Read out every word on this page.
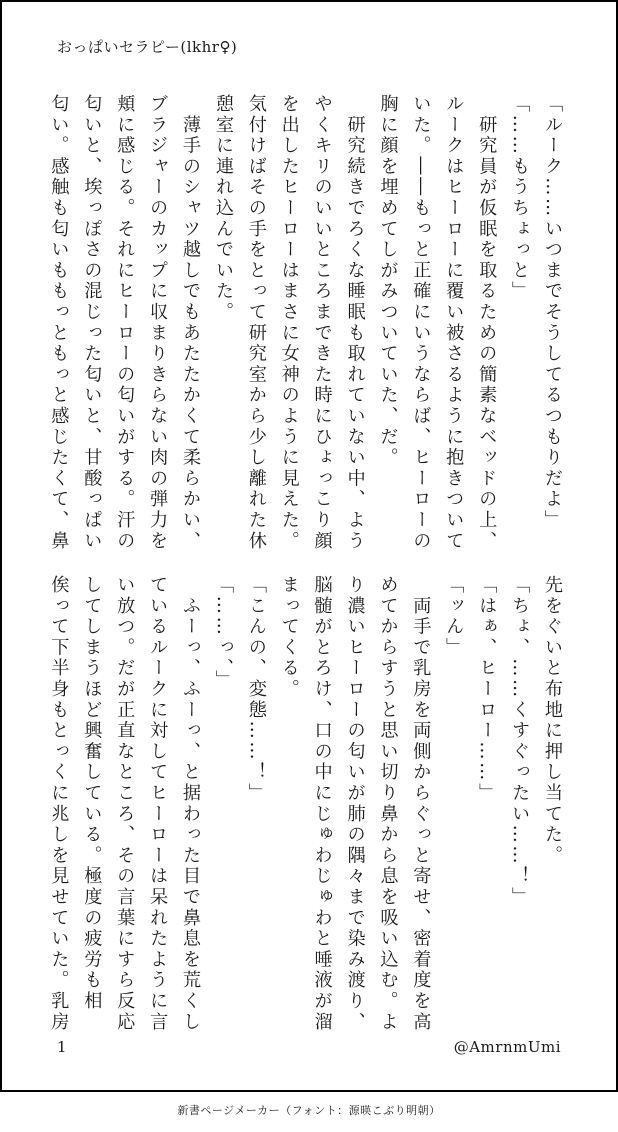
おっぱいセラピー(lkhr♀)
「ルーク……いつまでそうしてるつもりだよ」
「……もうちょっと」
　研究員が仮眠を取るための簡素なベッドの上、
ルークはヒーローに覆い被さるように抱きついて
いた。――もっと正確にいうならば、ヒーローの
胸に顔を埋めてしがみついていた、だ。
　研究続きでろくな睡眠も取れていない中、よう
やくキリのいいところまできた時にひょっこり顔
を出したヒーローはまさに女神のように見えた。
気付けばその手をとって研究室から少し離れた休
憩室に連れ込んでいた。
　薄手のシャツ越しでもあたたかくて柔らかい、
ブラジャーのカップに収まりきらない肉の弾力を
頬に感じる。それにヒーローの匂いがする。汗の
匂いと、埃っぽさの混じった匂いと、甘酸っぱい
匂い。感触も匂いももっともっと感じたくて、鼻
先をぐいと布地に押し当てた。
「ちょ、……くすぐったい……！」
「はぁ、ヒーロー……」
「ッん」
　両手で乳房を両側からぐっと寄せ、密着度を高
めてからすうと思い切り鼻から息を吸い込む。よ
り濃いヒーローの匂いが肺の隅々まで染み渡り、
脳髄がとろけ、口の中にじゅわじゅわと唾液が溜
まってくる。
「こんの、変態……！」
「……っ、」
　ふーっ、ふーっ、と据わった目で鼻息を荒くし
ているルークに対してヒーローは呆れたように言
い放つ。だが正直なところ、その言葉にすら反応
してしまうほど興奮している。極度の疲労も相
俟って下半身もとっくに兆しを見せていた。乳房
1	@AmrnmUmi
新書ページメーカー（フォント：源暎こぶり明朝）
